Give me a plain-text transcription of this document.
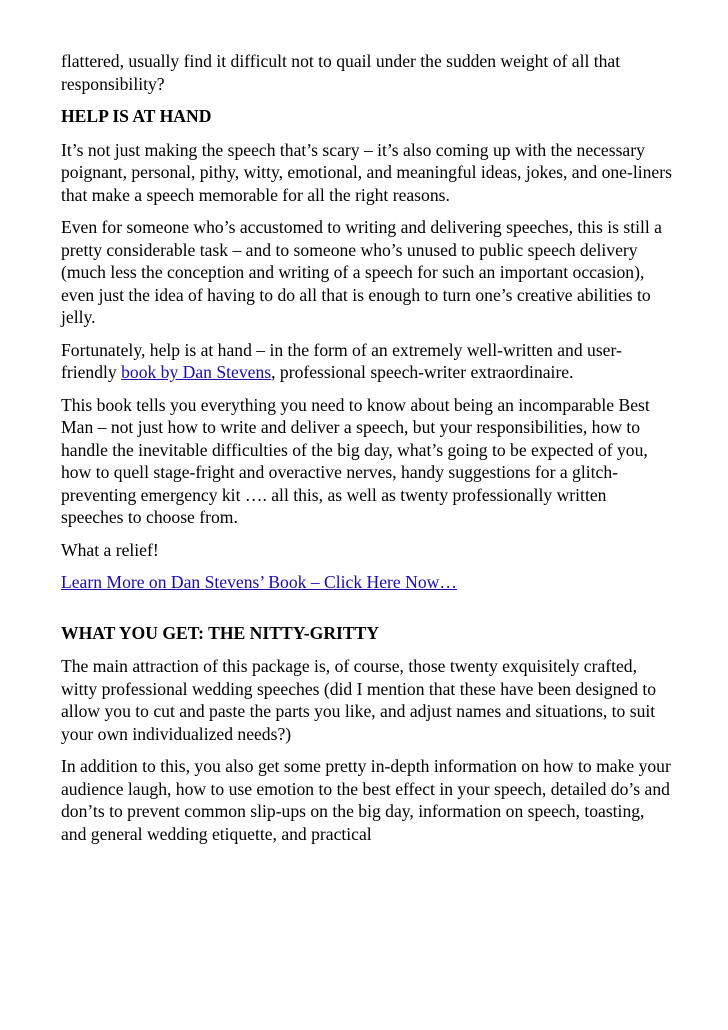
flattered, usually find it difficult not to quail under the sudden weight of all that responsibility?

HELP IS AT HAND

It’s not just making the speech that’s scary – it’s also coming up with the necessary poignant, personal, pithy, witty, emotional, and meaningful ideas, jokes, and one-liners that make a speech memorable for all the right reasons.

Even for someone who’s accustomed to writing and delivering speeches, this is still a pretty considerable task – and to someone who’s unused to public speech delivery (much less the conception and writing of a speech for such an important occasion), even just the idea of having to do all that is enough to turn one’s creative abilities to jelly.

Fortunately, help is at hand – in the form of an extremely well-written and user-friendly book by Dan Stevens, professional speech-writer extraordinaire.

This book tells you everything you need to know about being an incomparable Best Man – not just how to write and deliver a speech, but your responsibilities, how to handle the inevitable difficulties of the big day, what’s going to be expected of you, how to quell stage-fright and overactive nerves, handy suggestions for a glitch-preventing emergency kit …. all this, as well as twenty professionally written speeches to choose from.

What a relief!

Learn More on Dan Stevens’ Book – Click Here Now…

WHAT YOU GET: THE NITTY-GRITTY

The main attraction of this package is, of course, those twenty exquisitely crafted, witty professional wedding speeches (did I mention that these have been designed to allow you to cut and paste the parts you like, and adjust names and situations, to suit your own individualized needs?)

In addition to this, you also get some pretty in-depth information on how to make your audience laugh, how to use emotion to the best effect in your speech, detailed do’s and don’ts to prevent common slip-ups on the big day, information on speech, toasting, and general wedding etiquette, and practical
